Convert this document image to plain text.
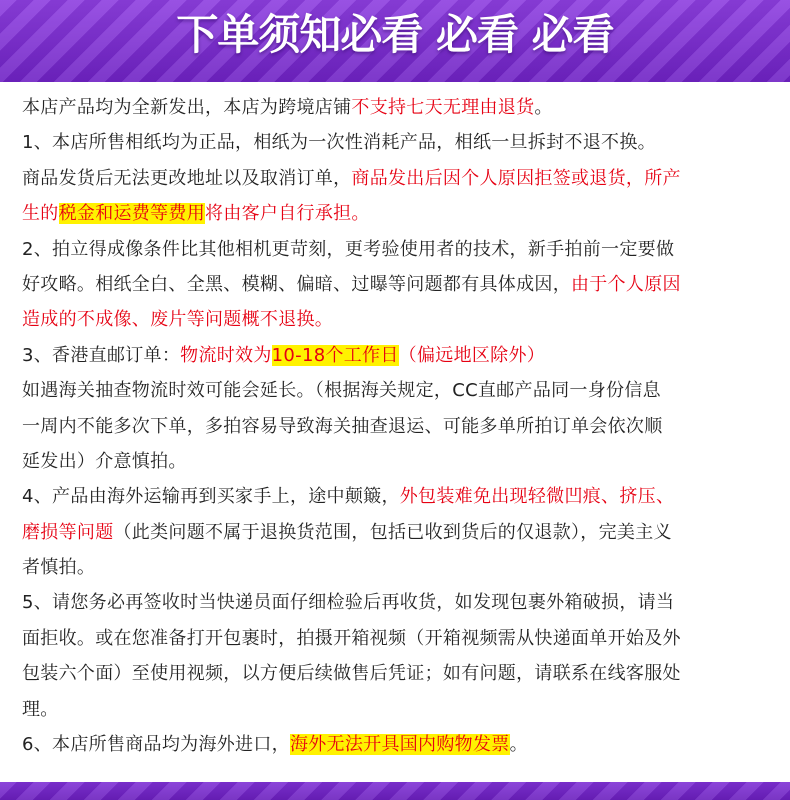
下单须知必看 必看 必看
本店产品均为全新发出，本店为跨境店铺不支持七天无理由退货。
1、本店所售相纸均为正品，相纸为一次性消耗产品，相纸一旦拆封不退不换。
商品发货后无法更改地址以及取消订单，商品发出后因个人原因拒签或退货，所产
生的税金和运费等费用将由客户自行承担。
2、拍立得成像条件比其他相机更苛刻，更考验使用者的技术，新手拍前一定要做
好攻略。相纸全白、全黑、模糊、偏暗、过曝等问题都有具体成因，由于个人原因
造成的不成像、废片等问题概不退换。
3、香港直邮订单：物流时效为10-18个工作日（偏远地区除外）
如遇海关抽查物流时效可能会延长。（根据海关规定，CC直邮产品同一身份信息
一周内不能多次下单，多拍容易导致海关抽查退运、可能多单所拍订单会依次顺
延发出）介意慎拍。
4、产品由海外运输再到买家手上，途中颠簸，外包装难免出现轻微凹痕、挤压、
磨损等问题（此类问题不属于退换货范围，包括已收到货后的仅退款），完美主义
者慎拍。
5、请您务必再签收时当快递员面仔细检验后再收货，如发现包裹外箱破损，请当
面拒收。或在您准备打开包裹时，拍摄开箱视频（开箱视频需从快递面单开始及外
包装六个面）至使用视频，以方便后续做售后凭证；如有问题，请联系在线客服处
理。
6、本店所售商品均为海外进口，海外无法开具国内购物发票。
